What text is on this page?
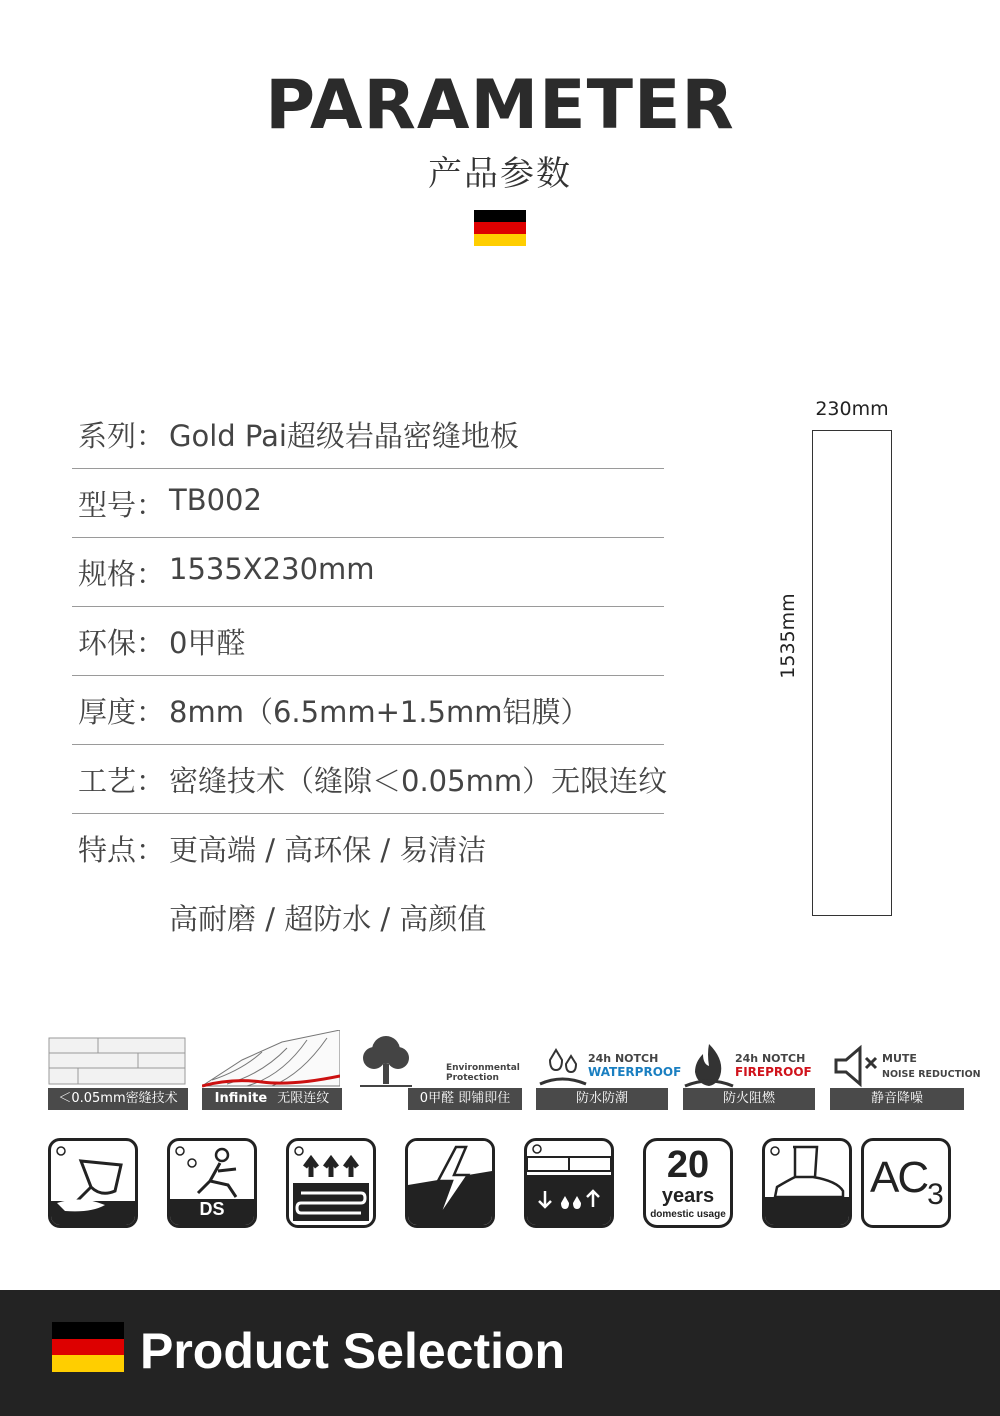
PARAMETER
产品参数
系列： Gold Pai超级岩晶密缝地板
型号： TB002
规格： 1535X230mm
环保： 0甲醛
厚度： 8mm（6.5mm+1.5mm铝膜）
工艺： 密缝技术（缝隙＜0.05mm）无限连纹
特点： 更高端 / 高环保 / 易清洁
高耐磨 / 超防水 / 高颜值
230mm
1535mm
＜0.05mm密缝技术	Infinite 无限连纹
Environmental
Protection
0甲醛 即铺即住
24h NOTCH
WATERPROOF
防水防潮
24h NOTCH
FIREPROOF
防火阻燃
MUTE
NOISE REDUCTION
静音降噪
DS
20
years
domestic usage
$AC_3$
Product Selection
